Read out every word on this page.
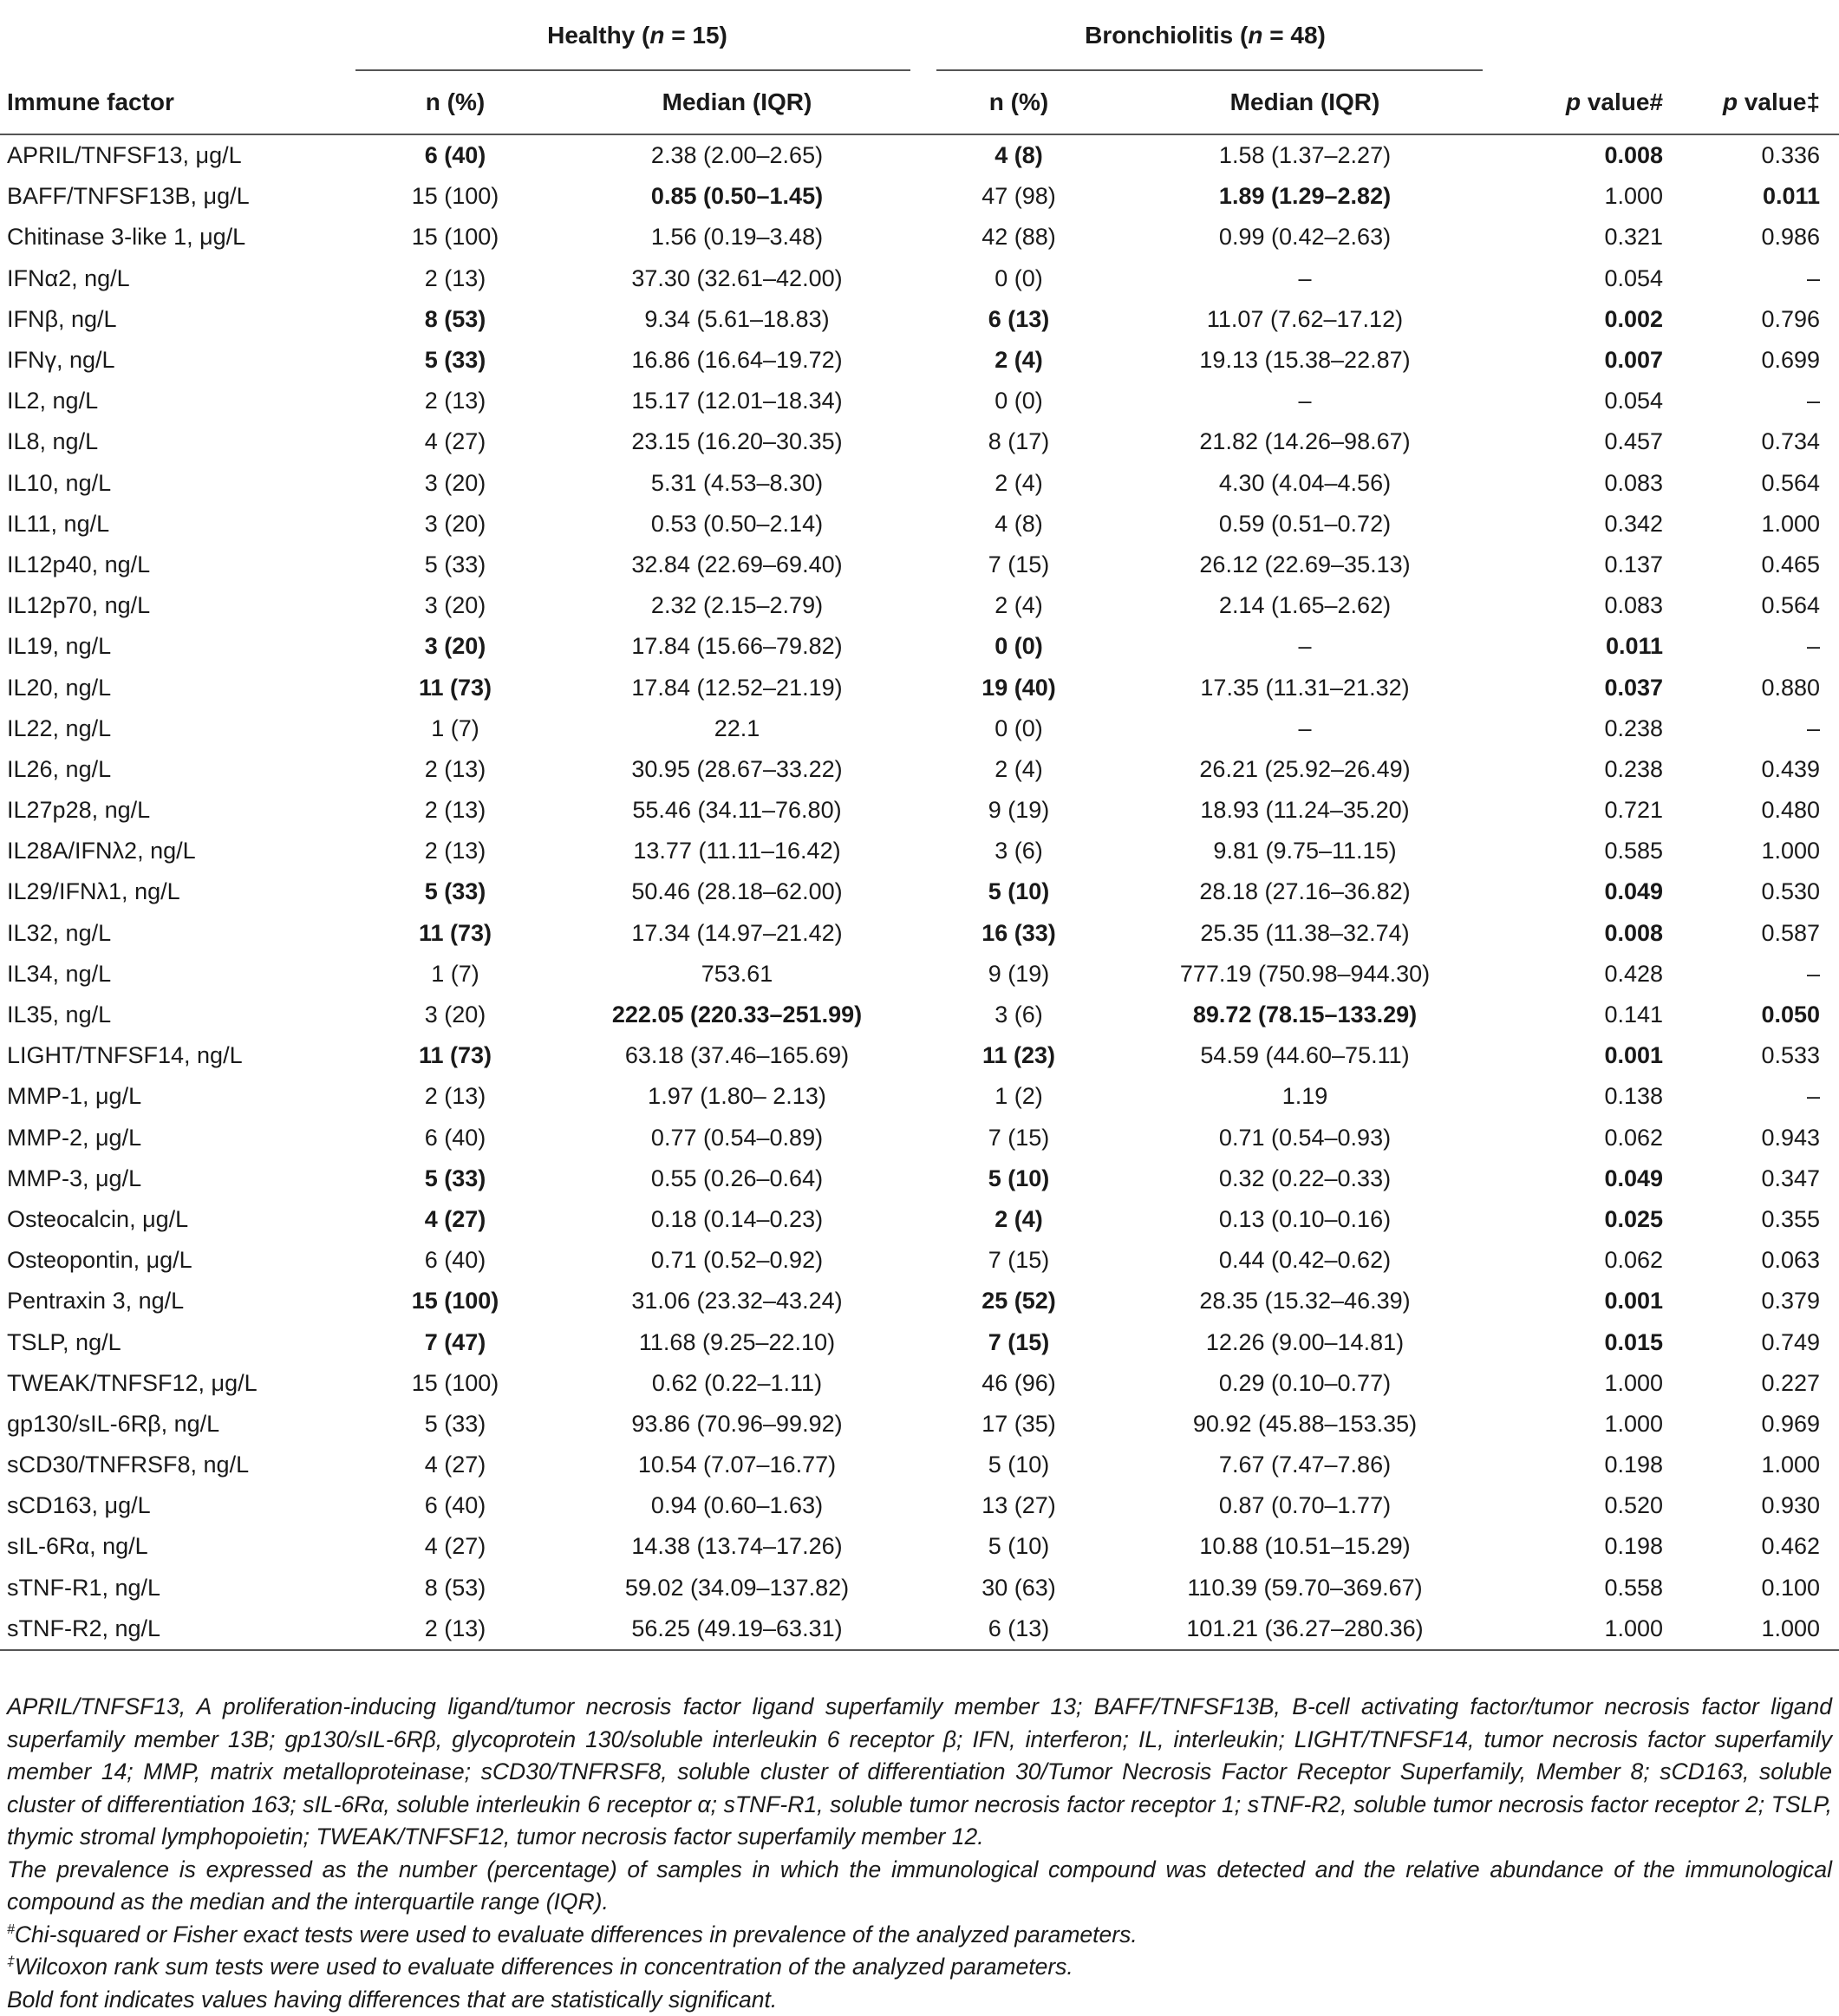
	Healthy (n = 15)		Bronchiolitis (n = 48)	

Immune factor	n (%)	Median (IQR)	n (%)	Median (IQR)	p value#	p value‡
APRIL/TNFSF13, μg/L	6 (40)	2.38 (2.00–2.65)	4 (8)	1.58 (1.37–2.27)	0.008	0.336
BAFF/TNFSF13B, μg/L	15 (100)	0.85 (0.50–1.45)	47 (98)	1.89 (1.29–2.82)	1.000	0.011
Chitinase 3-like 1, μg/L	15 (100)	1.56 (0.19–3.48)	42 (88)	0.99 (0.42–2.63)	0.321	0.986
IFNα2, ng/L	2 (13)	37.30 (32.61–42.00)	0 (0)	–	0.054	–
IFNβ, ng/L	8 (53)	9.34 (5.61–18.83)	6 (13)	11.07 (7.62–17.12)	0.002	0.796
IFNγ, ng/L	5 (33)	16.86 (16.64–19.72)	2 (4)	19.13 (15.38–22.87)	0.007	0.699
IL2, ng/L	2 (13)	15.17 (12.01–18.34)	0 (0)	–	0.054	–
IL8, ng/L	4 (27)	23.15 (16.20–30.35)	8 (17)	21.82 (14.26–98.67)	0.457	0.734
IL10, ng/L	3 (20)	5.31 (4.53–8.30)	2 (4)	4.30 (4.04–4.56)	0.083	0.564
IL11, ng/L	3 (20)	0.53 (0.50–2.14)	4 (8)	0.59 (0.51–0.72)	0.342	1.000
IL12p40, ng/L	5 (33)	32.84 (22.69–69.40)	7 (15)	26.12 (22.69–35.13)	0.137	0.465
IL12p70, ng/L	3 (20)	2.32 (2.15–2.79)	2 (4)	2.14 (1.65–2.62)	0.083	0.564
IL19, ng/L	3 (20)	17.84 (15.66–79.82)	0 (0)	–	0.011	–
IL20, ng/L	11 (73)	17.84 (12.52–21.19)	19 (40)	17.35 (11.31–21.32)	0.037	0.880
IL22, ng/L	1 (7)	22.1	0 (0)	–	0.238	–
IL26, ng/L	2 (13)	30.95 (28.67–33.22)	2 (4)	26.21 (25.92–26.49)	0.238	0.439
IL27p28, ng/L	2 (13)	55.46 (34.11–76.80)	9 (19)	18.93 (11.24–35.20)	0.721	0.480
IL28A/IFNλ2, ng/L	2 (13)	13.77 (11.11–16.42)	3 (6)	9.81 (9.75–11.15)	0.585	1.000
IL29/IFNλ1, ng/L	5 (33)	50.46 (28.18–62.00)	5 (10)	28.18 (27.16–36.82)	0.049	0.530
IL32, ng/L	11 (73)	17.34 (14.97–21.42)	16 (33)	25.35 (11.38–32.74)	0.008	0.587
IL34, ng/L	1 (7)	753.61	9 (19)	777.19 (750.98–944.30)	0.428	–
IL35, ng/L	3 (20)	222.05 (220.33–251.99)	3 (6)	89.72 (78.15–133.29)	0.141	0.050
LIGHT/TNFSF14, ng/L	11 (73)	63.18 (37.46–165.69)	11 (23)	54.59 (44.60–75.11)	0.001	0.533
MMP-1, μg/L	2 (13)	1.97 (1.80– 2.13)	1 (2)	1.19	0.138	–
MMP-2, μg/L	6 (40)	0.77 (0.54–0.89)	7 (15)	0.71 (0.54–0.93)	0.062	0.943
MMP-3, μg/L	5 (33)	0.55 (0.26–0.64)	5 (10)	0.32 (0.22–0.33)	0.049	0.347
Osteocalcin, μg/L	4 (27)	0.18 (0.14–0.23)	2 (4)	0.13 (0.10–0.16)	0.025	0.355
Osteopontin, μg/L	6 (40)	0.71 (0.52–0.92)	7 (15)	0.44 (0.42–0.62)	0.062	0.063
Pentraxin 3, ng/L	15 (100)	31.06 (23.32–43.24)	25 (52)	28.35 (15.32–46.39)	0.001	0.379
TSLP, ng/L	7 (47)	11.68 (9.25–22.10)	7 (15)	12.26 (9.00–14.81)	0.015	0.749
TWEAK/TNFSF12, μg/L	15 (100)	0.62 (0.22–1.11)	46 (96)	0.29 (0.10–0.77)	1.000	0.227
gp130/sIL-6Rβ, ng/L	5 (33)	93.86 (70.96–99.92)	17 (35)	90.92 (45.88–153.35)	1.000	0.969
sCD30/TNFRSF8, ng/L	4 (27)	10.54 (7.07–16.77)	5 (10)	7.67 (7.47–7.86)	0.198	1.000
sCD163, μg/L	6 (40)	0.94 (0.60–1.63)	13 (27)	0.87 (0.70–1.77)	0.520	0.930
sIL-6Rα, ng/L	4 (27)	14.38 (13.74–17.26)	5 (10)	10.88 (10.51–15.29)	0.198	0.462
sTNF-R1, ng/L	8 (53)	59.02 (34.09–137.82)	30 (63)	110.39 (59.70–369.67)	0.558	0.100
sTNF-R2, ng/L	2 (13)	56.25 (49.19–63.31)	6 (13)	101.21 (36.27–280.36)	1.000	1.000

APRIL/TNFSF13, A proliferation-inducing ligand/tumor necrosis factor ligand superfamily member 13; BAFF/TNFSF13B, B-cell activating factor/tumor necrosis factor ligand superfamily member 13B; gp130/sIL-6Rβ, glycoprotein 130/soluble interleukin 6 receptor β; IFN, interferon; IL, interleukin; LIGHT/TNFSF14, tumor necrosis factor superfamily member 14; MMP, matrix metalloproteinase; sCD30/TNFRSF8, soluble cluster of differentiation 30/Tumor Necrosis Factor Receptor Superfamily, Member 8; sCD163, soluble cluster of differentiation 163; sIL-6Rα, soluble interleukin 6 receptor α; sTNF-R1, soluble tumor necrosis factor receptor 1; sTNF-R2, soluble tumor necrosis factor receptor 2; TSLP, thymic stromal lymphopoietin; TWEAK/TNFSF12, tumor necrosis factor superfamily member 12.

The prevalence is expressed as the number (percentage) of samples in which the immunological compound was detected and the relative abundance of the immunological compound as the median and the interquartile range (IQR).

#Chi-squared or Fisher exact tests were used to evaluate differences in prevalence of the analyzed parameters.

‡Wilcoxon rank sum tests were used to evaluate differences in concentration of the analyzed parameters.

Bold font indicates values having differences that are statistically significant.
